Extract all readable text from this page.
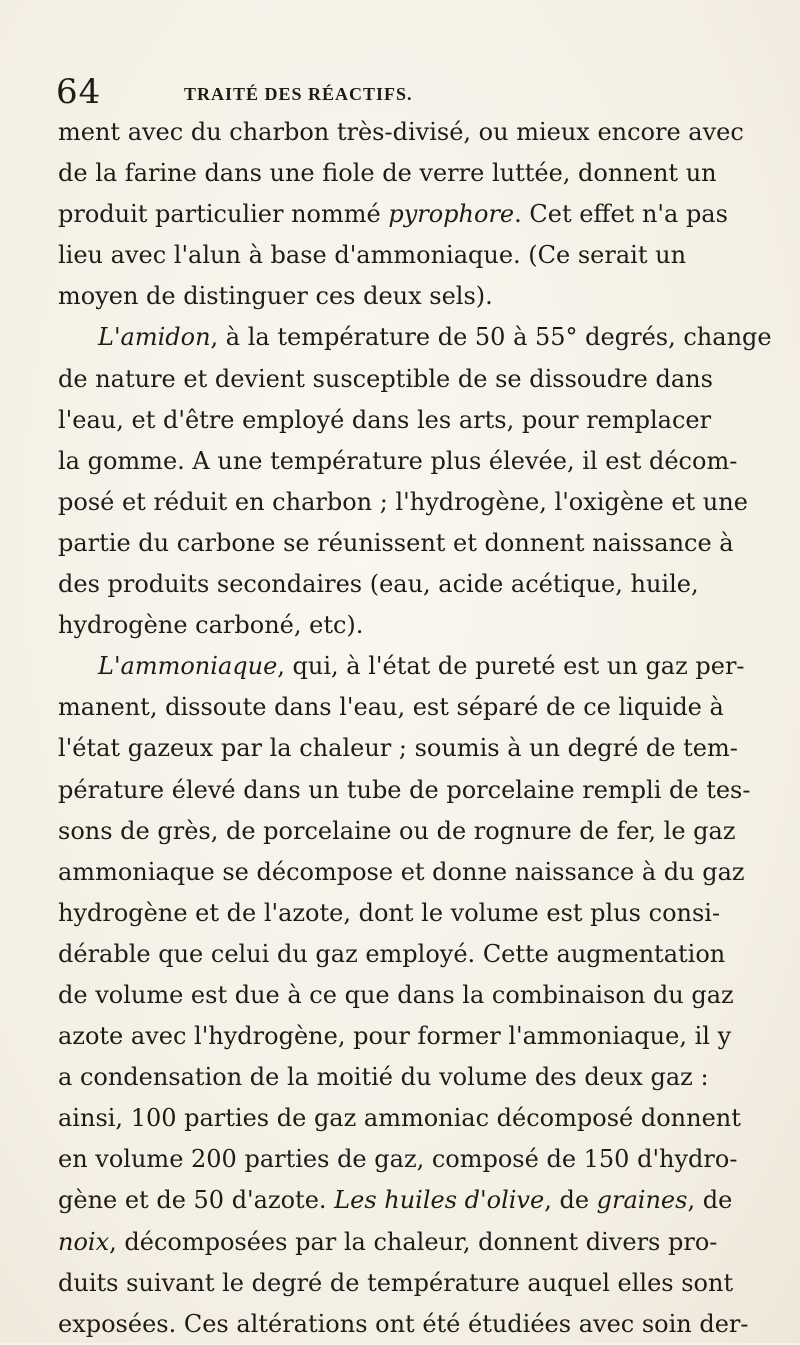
64	TRAITÉ DES RÉACTIFS.
ment avec du charbon très-divisé, ou mieux encore avec
de la farine dans une fiole de verre luttée, donnent un
produit particulier nommé pyrophore. Cet effet n'a pas
lieu avec l'alun à base d'ammoniaque. (Ce serait un
moyen de distinguer ces deux sels).
L'amidon, à la température de 50 à 55° degrés, change
de nature et devient susceptible de se dissoudre dans
l'eau, et d'être employé dans les arts, pour remplacer
la gomme. A une température plus élevée, il est décom-
posé et réduit en charbon ; l'hydrogène, l'oxigène et une
partie du carbone se réunissent et donnent naissance à
des produits secondaires (eau, acide acétique, huile,
hydrogène carboné, etc).
L'ammoniaque, qui, à l'état de pureté est un gaz per-
manent, dissoute dans l'eau, est séparé de ce liquide à
l'état gazeux par la chaleur ; soumis à un degré de tem-
pérature élevé dans un tube de porcelaine rempli de tes-
sons de grès, de porcelaine ou de rognure de fer, le gaz
ammoniaque se décompose et donne naissance à du gaz
hydrogène et de l'azote, dont le volume est plus consi-
dérable que celui du gaz employé. Cette augmentation
de volume est due à ce que dans la combinaison du gaz
azote avec l'hydrogène, pour former l'ammoniaque, il y
a condensation de la moitié du volume des deux gaz :
ainsi, 100 parties de gaz ammoniac décomposé donnent
en volume 200 parties de gaz, composé de 150 d'hydro-
gène et de 50 d'azote. Les huiles d'olive, de graines, de
noix, décomposées par la chaleur, donnent divers pro-
duits suivant le degré de température auquel elles sont
exposées. Ces altérations ont été étudiées avec soin der-
